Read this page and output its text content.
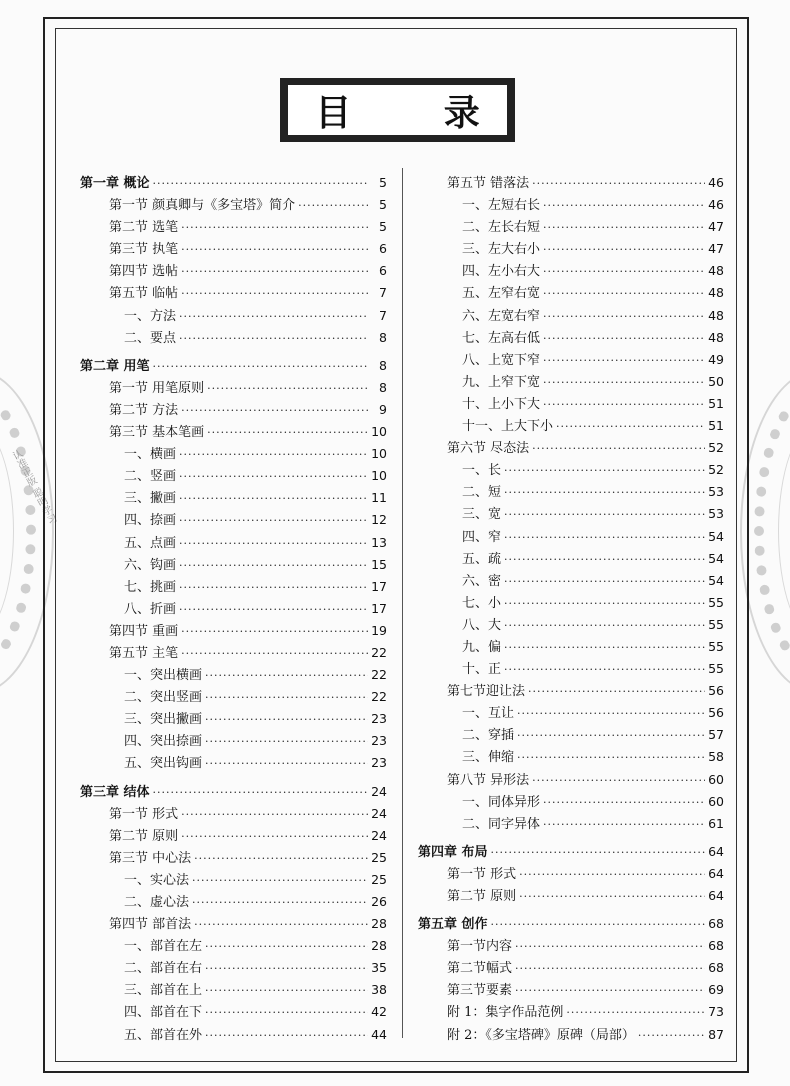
认准正版 聪明学习
目 录
第一章 概论 ·····	5
第一节 颜真卿与《多宝塔》简介 ·····	5
第二节 选笔 ·····	5
第三节 执笔 ·····	6
第四节 选帖 ·····	6
第五节 临帖 ·····	7
一、方法 ·····	7
二、要点 ·····	8
第二章 用笔 ·····	8
第一节 用笔原则 ·····	8
第二节 方法 ·····	9
第三节 基本笔画 ·····	10
一、横画 ·····	10
二、竖画 ·····	10
三、撇画 ·····	11
四、捺画 ·····	12
五、点画 ·····	13
六、钩画 ·····	15
七、挑画 ·····	17
八、折画 ·····	17
第四节 重画 ·····	19
第五节 主笔 ·····	22
一、突出横画 ·····	22
二、突出竖画 ·····	22
三、突出撇画 ·····	23
四、突出捺画 ·····	23
五、突出钩画 ·····	23
第三章 结体 ·····	24
第一节 形式 ·····	24
第二节 原则 ·····	24
第三节 中心法 ·····	25
一、实心法 ·····	25
二、虚心法 ·····	26
第四节 部首法 ·····	28
一、部首在左 ·····	28
二、部首在右 ·····	35
三、部首在上 ·····	38
四、部首在下 ·····	42
五、部首在外 ·····	44
第五节 错落法 ·····	46
一、左短右长 ·····	46
二、左长右短 ·····	47
三、左大右小 ·····	47
四、左小右大 ·····	48
五、左窄右宽 ·····	48
六、左宽右窄 ·····	48
七、左高右低 ·····	48
八、上宽下窄 ·····	49
九、上窄下宽 ·····	50
十、上小下大 ·····	51
十一、上大下小 ·····	51
第六节 尽态法 ·····	52
一、长 ·····	52
二、短 ·····	53
三、宽 ·····	53
四、窄 ·····	54
五、疏 ·····	54
六、密 ·····	54
七、小 ·····	55
八、大 ·····	55
九、偏 ·····	55
十、正 ·····	55
第七节迎让法 ·····	56
一、互让 ·····	56
二、穿插 ·····	57
三、伸缩 ·····	58
第八节 异形法 ·····	60
一、同体异形 ·····	60
二、同字异体 ·····	61
第四章 布局 ·····	64
第一节 形式 ·····	64
第二节 原则 ·····	64
第五章 创作 ·····	68
第一节内容 ·····	68
第二节幅式 ·····	68
第三节要素 ·····	69
附 1：集字作品范例 ·····	73
附 2：《多宝塔碑》原碑（局部） ·····	87
